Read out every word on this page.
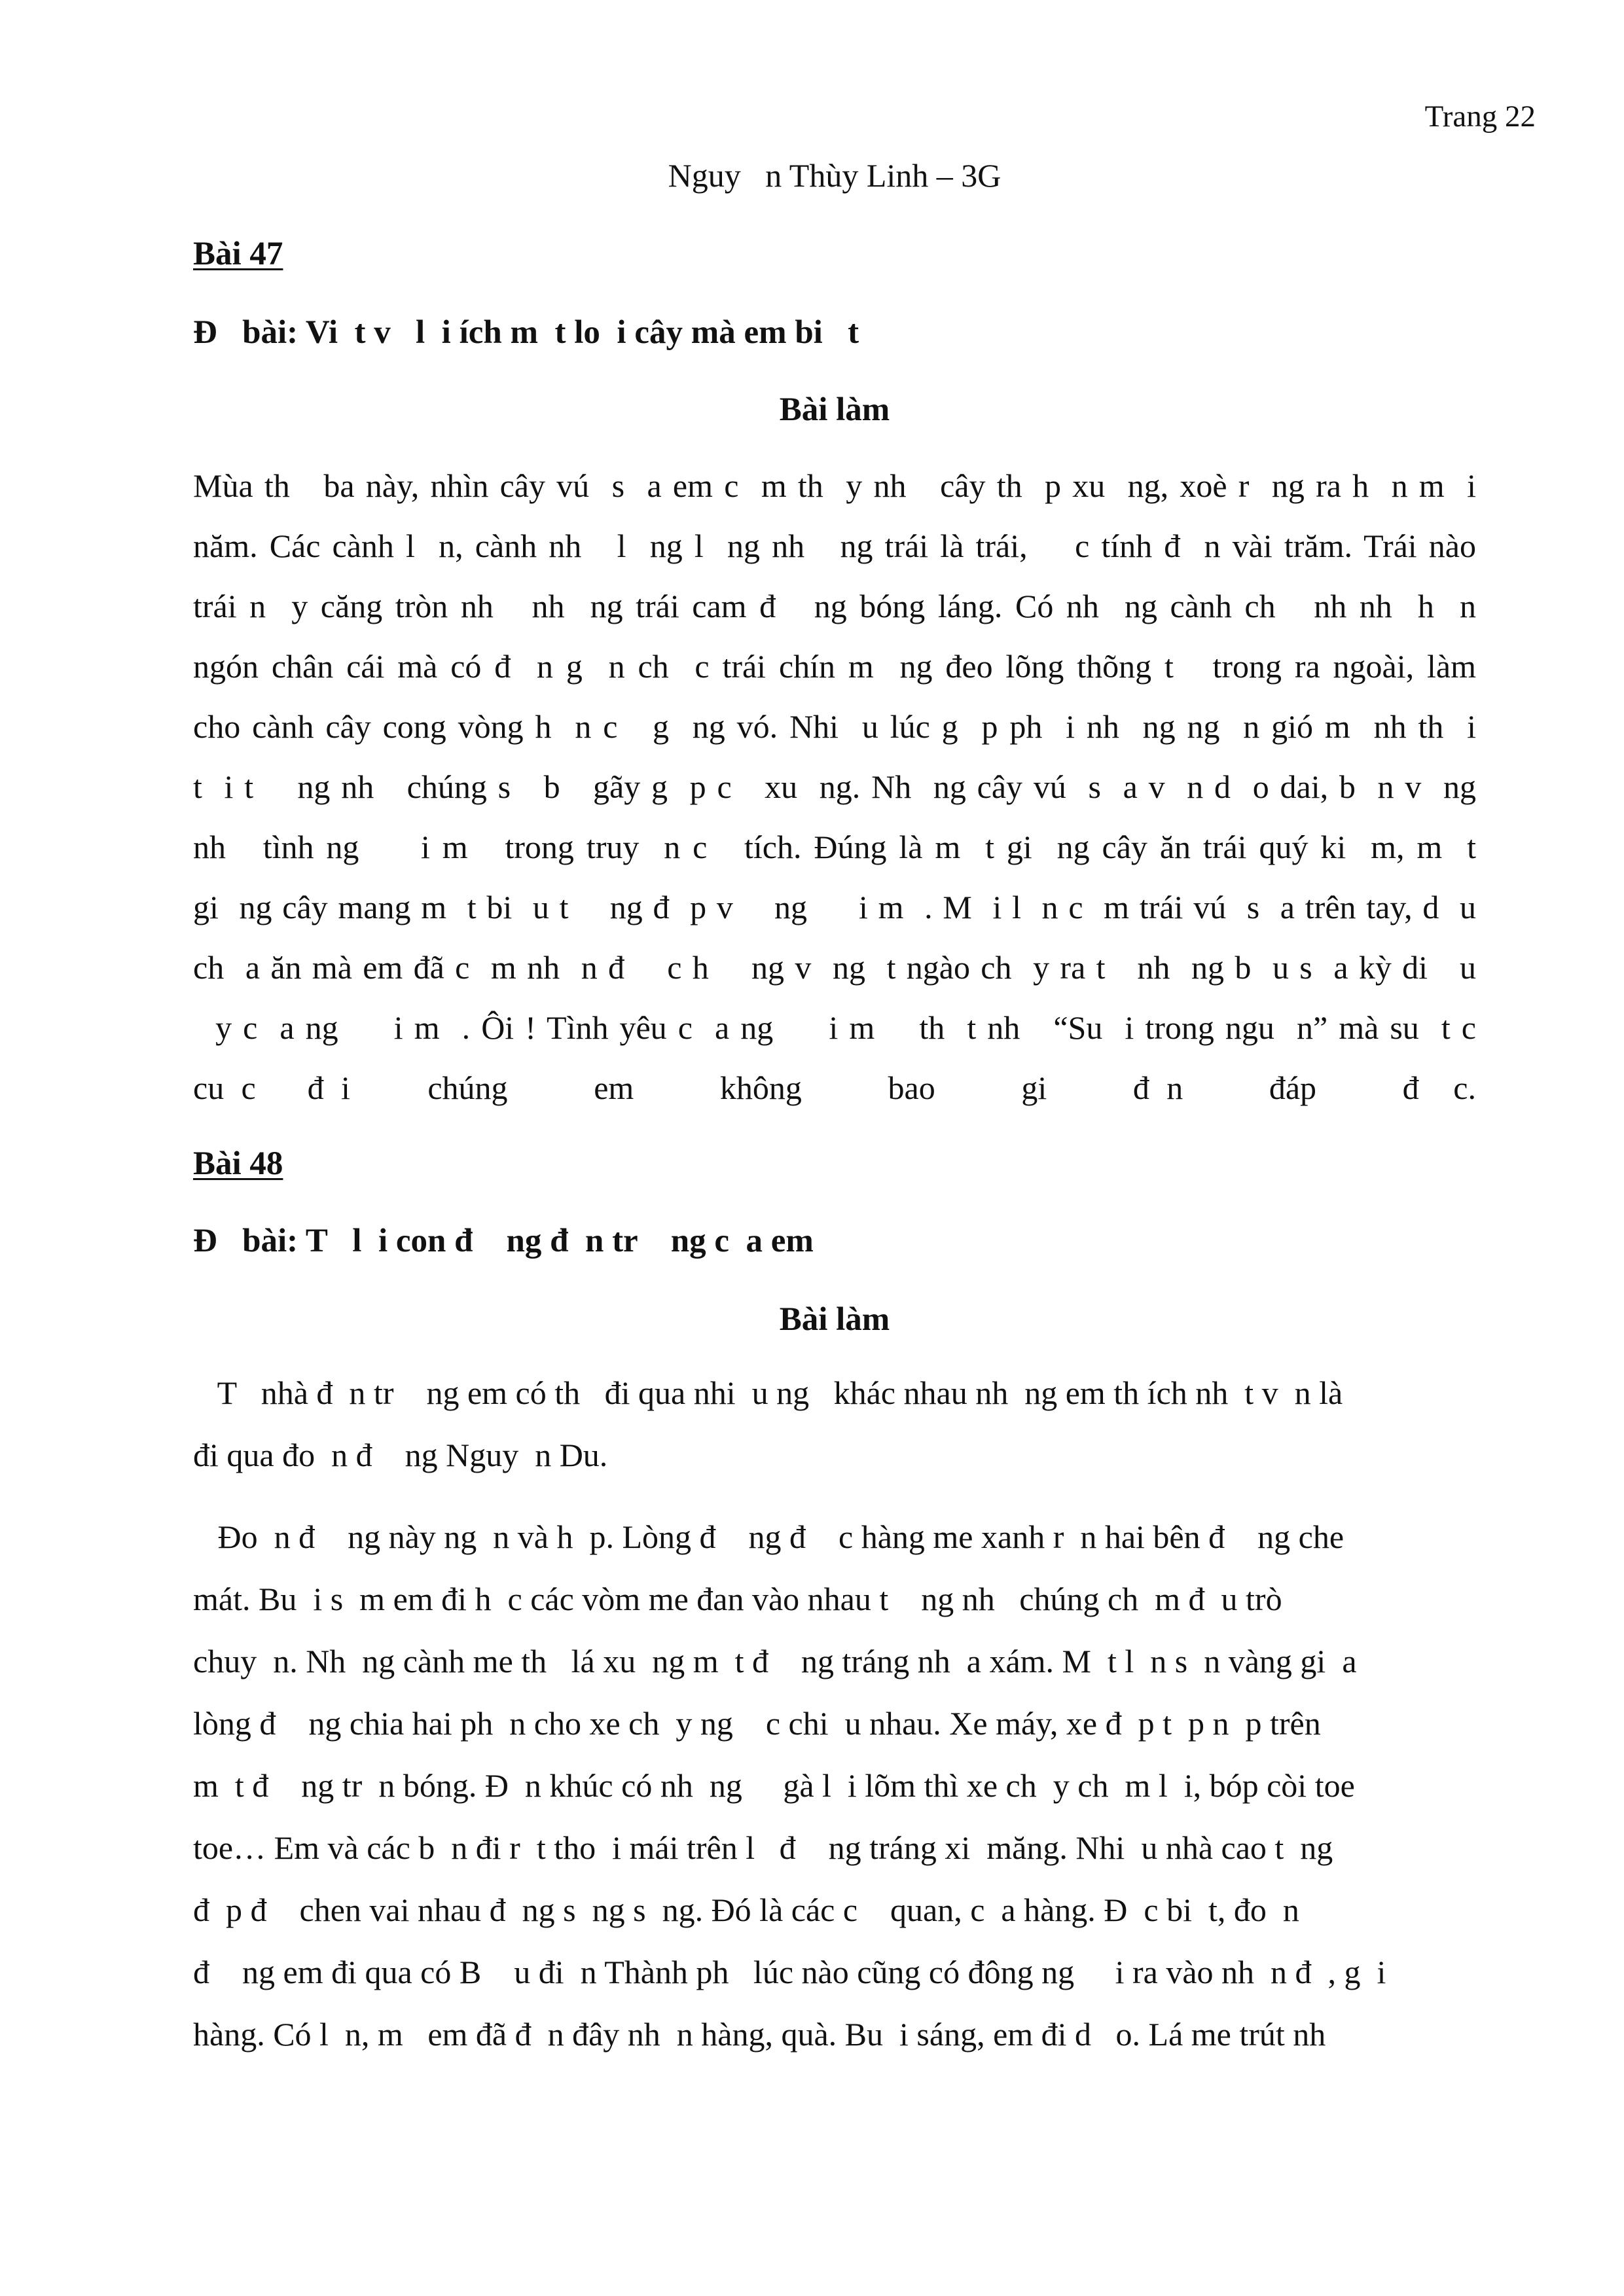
Trang 22
Nguy   n Thùy Linh – 3G
Bài 47
Đ   bài: Vi  t v   l  i ích m  t lo  i cây mà em bi   t
Bài làm
Mùa th   ba này, nhìn cây vú  s  a em c  m th  y nh   cây th  p xu  ng, xoè r  ng ra h  n m  i
năm. Các cành l  n, cành nh   l  ng l  ng nh   ng trái là trái,    c tính đ  n vài trăm. Trái nào
trái n  y căng tròn nh   nh  ng trái cam đ   ng bóng láng. Có nh  ng cành ch   nh nh  h  n
ngón chân cái mà có đ  n g  n ch  c trái chín m  ng đeo lõng thõng t   trong ra ngoài, làm
cho cành cây cong vòng h  n c   g  ng vó. Nhi  u lúc g  p ph  i nh  ng ng  n gió m  nh th  i
t  i t    ng nh   chúng s   b   gãy g  p c   xu  ng. Nh  ng cây vú  s  a v  n d  o dai, b  n v  ng
nh   tình ng     i m   trong truy  n c   tích. Đúng là m  t gi  ng cây ăn trái quý ki  m, m  t
gi  ng cây mang m  t bi  u t    ng đ  p v    ng     i m  . M  i l  n c  m trái vú  s  a trên tay, d  u
ch  a ăn mà em đã c  m nh  n đ    c h    ng v  ng  t ngào ch  y ra t   nh  ng b  u s  a kỳ di   u
y c  a ng     i m  . Ôi ! Tình yêu c  a ng     i m    th  t nh   “Su  i trong ngu  n” mà su  t c
cu  c      đ  i         chúng          em          không          bao          gi          đ  n          đáp          đ    c.
Bài 48
Đ   bài: T   l  i con đ    ng đ  n tr    ng c  a em
Bài làm
T   nhà đ  n tr    ng em có th   đi qua nhi  u ng   khác nhau nh  ng em th ích nh  t v  n là
đi qua đo  n đ    ng Nguy  n Du.
Đo  n đ    ng này ng  n và h  p. Lòng đ    ng đ    c hàng me xanh r  n hai bên đ    ng che
mát. Bu  i s  m em đi h  c các vòm me đan vào nhau t    ng nh   chúng ch  m đ  u trò
chuy  n. Nh  ng cành me th   lá xu  ng m  t đ    ng tráng nh  a xám. M  t l  n s  n vàng gi  a
lòng đ    ng chia hai ph  n cho xe ch  y ng    c chi  u nhau. Xe máy, xe đ  p t  p n  p trên
m  t đ    ng tr  n bóng. Đ  n khúc có nh  ng     gà l  i lõm thì xe ch  y ch  m l  i, bóp còi toe
toe… Em và các b  n đi r  t tho  i mái trên l   đ    ng tráng xi  măng. Nhi  u nhà cao t  ng
đ  p đ    chen vai nhau đ  ng s  ng s  ng. Đó là các c    quan, c  a hàng. Đ  c bi  t, đo  n
đ    ng em đi qua có B    u đi  n Thành ph   lúc nào cũng có đông ng     i ra vào nh  n đ  , g  i
hàng. Có l  n, m   em đã đ  n đây nh  n hàng, quà. Bu  i sáng, em đi d   o. Lá me trút nh
